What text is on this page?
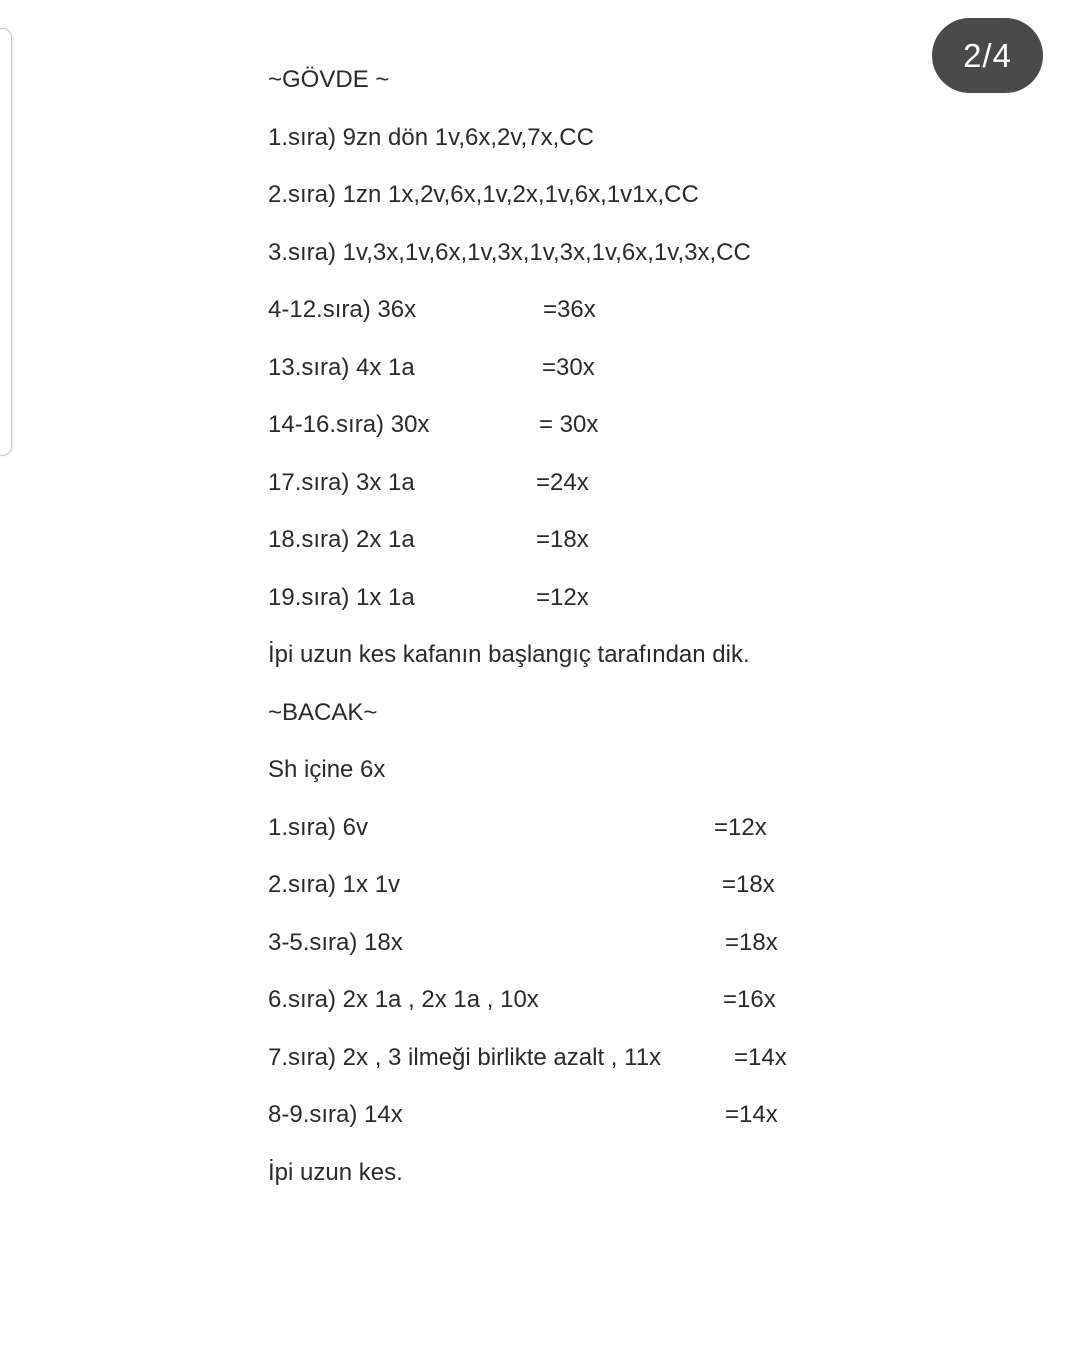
2/4
~GÖVDE ~
1.sıra) 9zn dön 1v,6x,2v,7x,CC
2.sıra) 1zn 1x,2v,6x,1v,2x,1v,6x,1v1x,CC
3.sıra) 1v,3x,1v,6x,1v,3x,1v,3x,1v,6x,1v,3x,CC
4-12.sıra) 36x	=36x
13.sıra) 4x 1a	=30x
14-16.sıra) 30x	= 30x
17.sıra) 3x 1a	=24x
18.sıra) 2x 1a	=18x
19.sıra) 1x 1a	=12x
İpi uzun kes kafanın başlangıç tarafından dik.
~BACAK~
Sh içine 6x
1.sıra) 6v	=12x
2.sıra) 1x 1v	=18x
3-5.sıra) 18x	=18x
6.sıra) 2x 1a , 2x 1a , 10x	=16x
7.sıra) 2x , 3 ilmeği birlikte azalt , 11x	=14x
8-9.sıra) 14x	=14x
İpi uzun kes.
